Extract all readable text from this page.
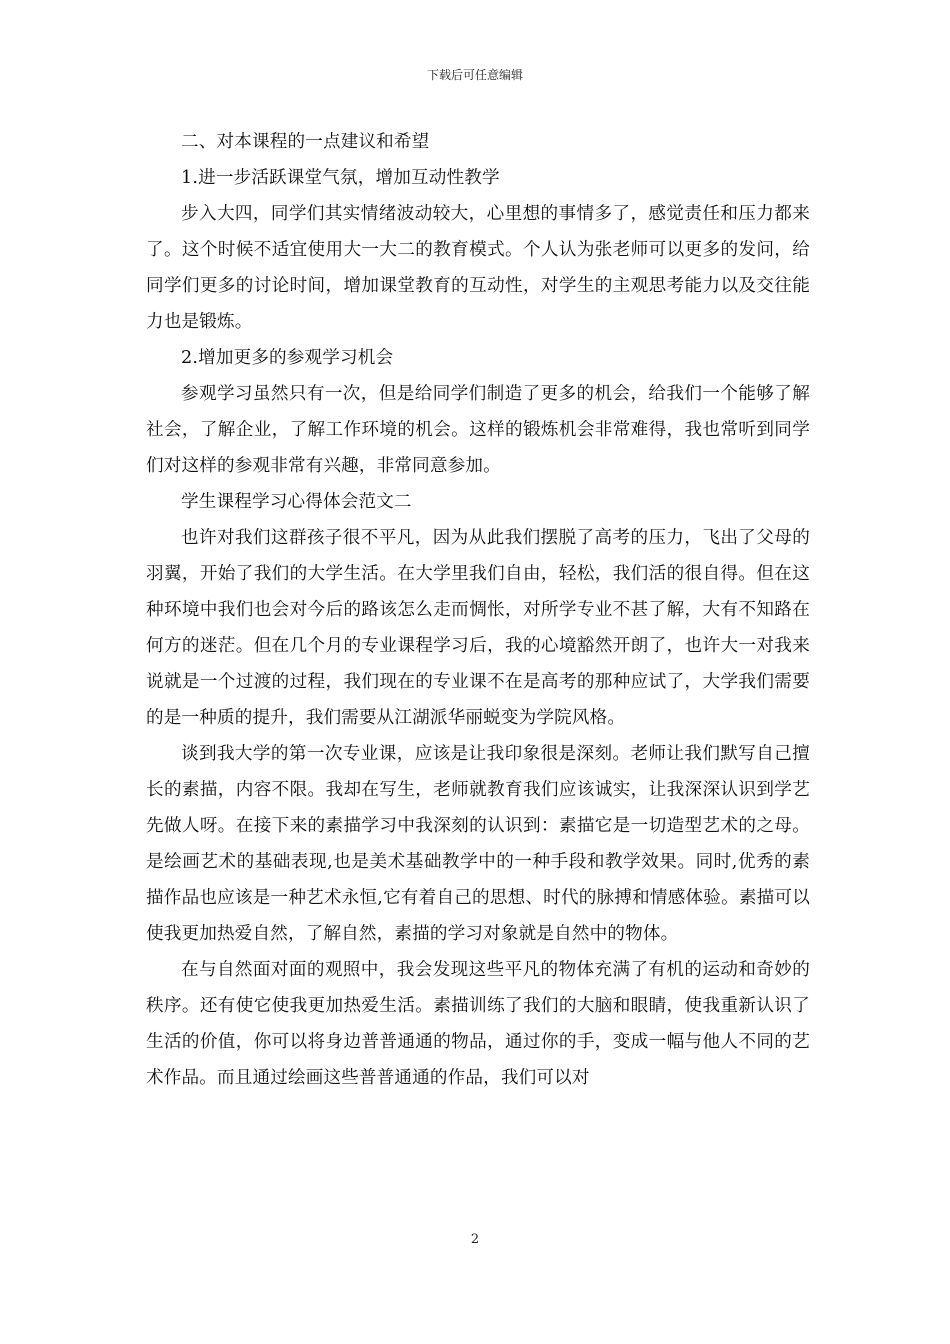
下载后可任意编辑

二、对本课程的一点建议和希望

1.进一步活跃课堂气氛，增加互动性教学

步入大四，同学们其实情绪波动较大，心里想的事情多了，感觉责任和压力都来了。这个时候不适宜使用大一大二的教育模式。个人认为张老师可以更多的发问，给同学们更多的讨论时间，增加课堂教育的互动性，对学生的主观思考能力以及交往能力也是锻炼。

2.增加更多的参观学习机会

参观学习虽然只有一次，但是给同学们制造了更多的机会，给我们一个能够了解社会，了解企业，了解工作环境的机会。这样的锻炼机会非常难得，我也常听到同学们对这样的参观非常有兴趣，非常同意参加。

学生课程学习心得体会范文二

也许对我们这群孩子很不平凡，因为从此我们摆脱了高考的压力，飞出了父母的羽翼，开始了我们的大学生活。在大学里我们自由，轻松，我们活的很自得。但在这种环境中我们也会对今后的路该怎么走而惆怅，对所学专业不甚了解，大有不知路在何方的迷茫。但在几个月的专业课程学习后，我的心境豁然开朗了，也许大一对我来说就是一个过渡的过程，我们现在的专业课不在是高考的那种应试了，大学我们需要的是一种质的提升，我们需要从江湖派华丽蜕变为学院风格。

谈到我大学的第一次专业课，应该是让我印象很是深刻。老师让我们默写自己擅长的素描，内容不限。我却在写生，老师就教育我们应该诚实，让我深深认识到学艺先做人呀。在接下来的素描学习中我深刻的认识到：素描它是一切造型艺术的之母。是绘画艺术的基础表现,也是美术基础教学中的一种手段和教学效果。同时,优秀的素描作品也应该是一种艺术永恒,它有着自己的思想、时代的脉搏和情感体验。素描可以使我更加热爱自然，了解自然，素描的学习对象就是自然中的物体。

在与自然面对面的观照中，我会发现这些平凡的物体充满了有机的运动和奇妙的秩序。还有使它使我更加热爱生活。素描训练了我们的大脑和眼睛，使我重新认识了生活的价值，你可以将身边普普通通的物品，通过你的手，变成一幅与他人不同的艺术作品。而且通过绘画这些普普通通的作品，我们可以对

2
